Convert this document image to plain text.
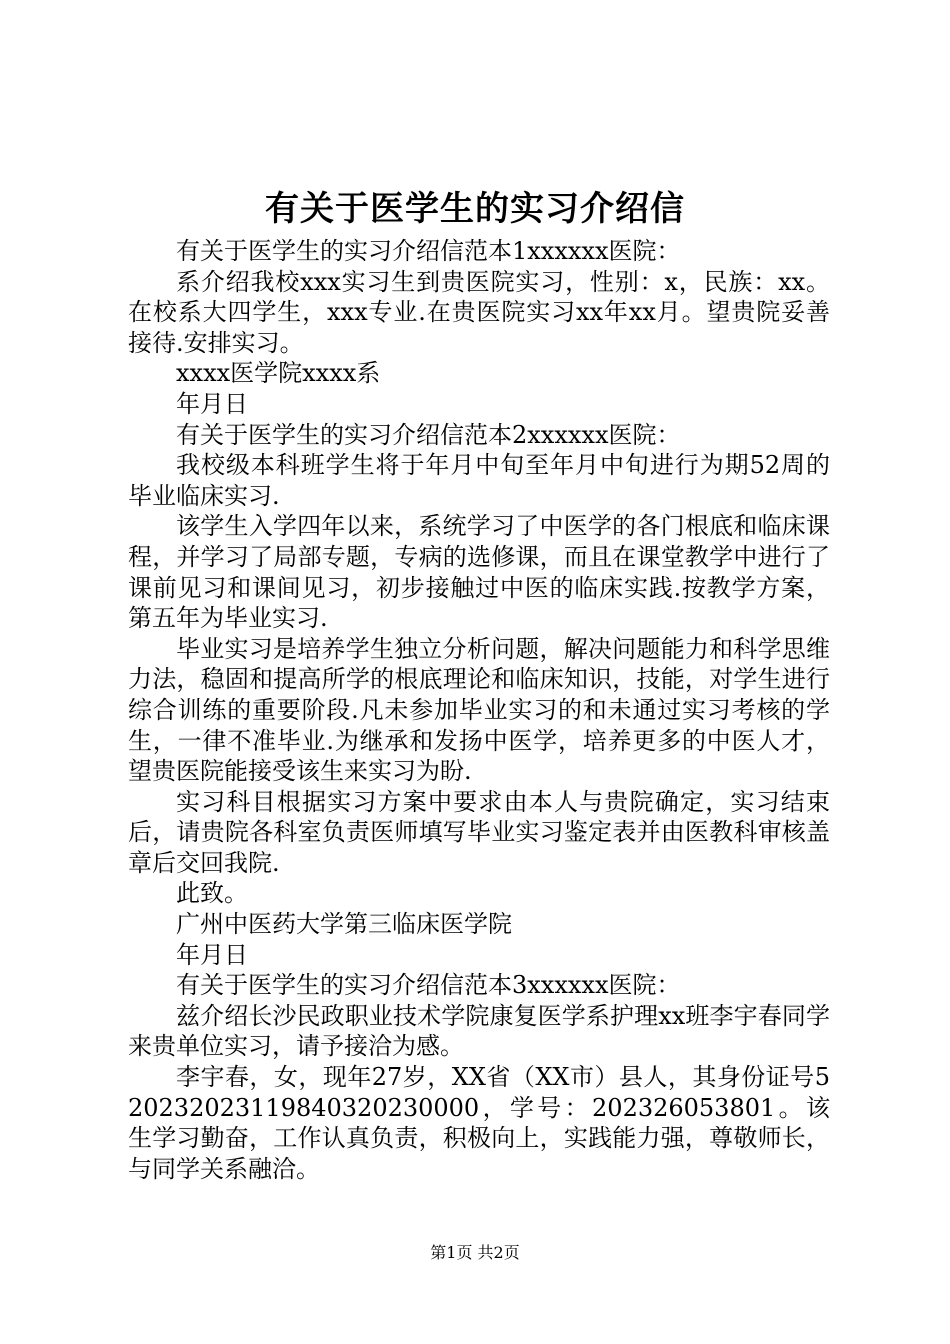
有关于医学生的实习介绍信

有关于医学生的实习介绍信范本1xxxxxx医院：

系介绍我校xxx实习生到贵医院实习，性别：x，民族：xx。在校系大四学生，xxx专业.在贵医院实习xx年xx月。望贵院妥善接待.安排实习。

xxxx医学院xxxx系

年月日

有关于医学生的实习介绍信范本2xxxxxx医院：

我校级本科班学生将于年月中旬至年月中旬进行为期52周的毕业临床实习.

该学生入学四年以来，系统学习了中医学的各门根底和临床课程，并学习了局部专题，专病的选修课，而且在课堂教学中进行了课前见习和课间见习，初步接触过中医的临床实践.按教学方案，第五年为毕业实习.

毕业实习是培养学生独立分析问题，解决问题能力和科学思维力法，稳固和提高所学的根底理论和临床知识，技能，对学生进行综合训练的重要阶段.凡未参加毕业实习的和未通过实习考核的学生，一律不准毕业.为继承和发扬中医学，培养更多的中医人才，望贵医院能接受该生来实习为盼.

实习科目根据实习方案中要求由本人与贵院确定，实习结束后，请贵院各科室负责医师填写毕业实习鉴定表并由医教科审核盖章后交回我院.

此致。

广州中医药大学第三临床医学院

年月日

有关于医学生的实习介绍信范本3xxxxxx医院：

兹介绍长沙民政职业技术学院康复医学系护理xx班李宇春同学来贵单位实习，请予接洽为感。

李宇春，女，现年27岁，XX省（XX市）县人，其身份证号520232023119840320230000，学号：202326053801。该生学习勤奋，工作认真负责，积极向上，实践能力强，尊敬师长，与同学关系融洽。

第1页 共2页
